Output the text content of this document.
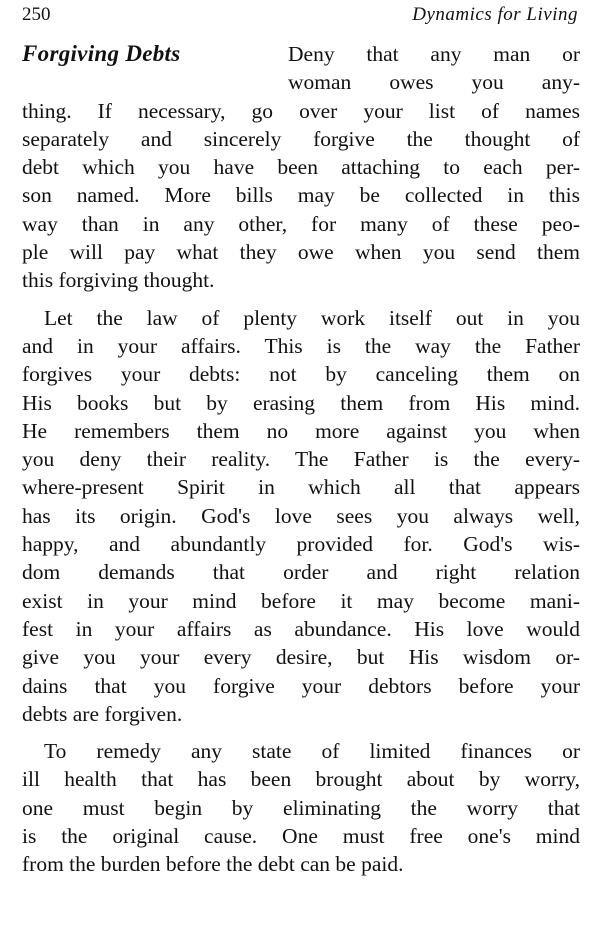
250	Dynamics for Living
Forgiving Debts	Deny that any man or
woman owes you any-
thing. If necessary, go over your list of names
separately and sincerely forgive the thought of
debt which you have been attaching to each per-
son named. More bills may be collected in this
way than in any other, for many of these peo-
ple will pay what they owe when you send them
this forgiving thought.
Let the law of plenty work itself out in you
and in your affairs. This is the way the Father
forgives your debts: not by canceling them on
His books but by erasing them from His mind.
He remembers them no more against you when
you deny their reality. The Father is the every-
where-present Spirit in which all that appears
has its origin. God's love sees you always well,
happy, and abundantly provided for. God's wis-
dom demands that order and right relation
exist in your mind before it may become mani-
fest in your affairs as abundance. His love would
give you your every desire, but His wisdom or-
dains that you forgive your debtors before your
debts are forgiven.
To remedy any state of limited finances or
ill health that has been brought about by worry,
one must begin by eliminating the worry that
is the original cause. One must free one's mind
from the burden before the debt can be paid.
